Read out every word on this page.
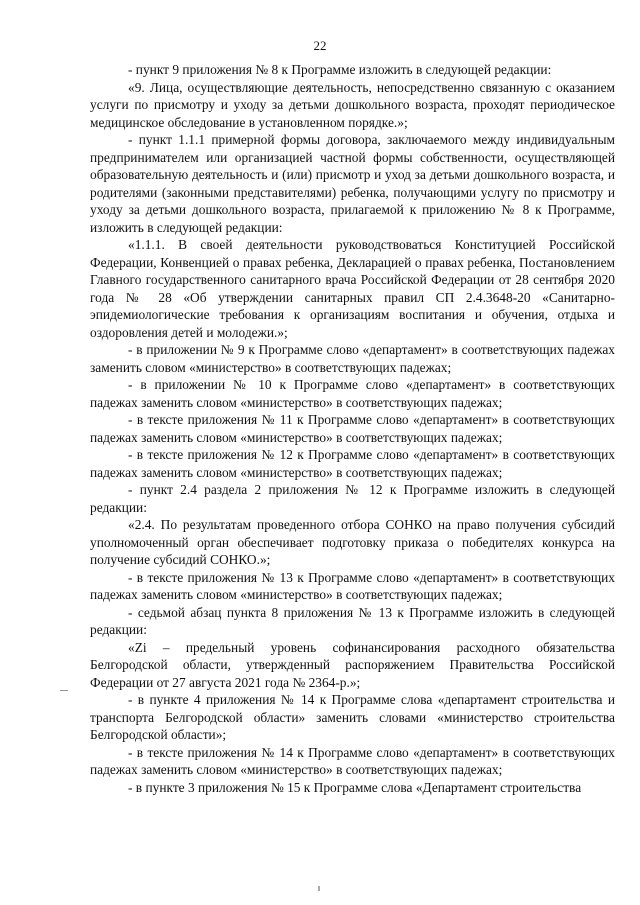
22

- пункт 9 приложения № 8 к Программе изложить в следующей редакции:

«9. Лица, осуществляющие деятельность, непосредственно связанную с оказанием услуги по присмотру и уходу за детьми дошкольного возраста, проходят периодическое медицинское обследование в установленном порядке.»;

- пункт 1.1.1 примерной формы договора, заключаемого между индивидуальным предпринимателем или организацией частной формы собственности, осуществляющей образовательную деятельность и (или) присмотр и уход за детьми дошкольного возраста, и родителями (законными представителями) ребенка, получающими услугу по присмотру и уходу за детьми дошкольного возраста, прилагаемой к приложению № 8 к Программе, изложить в следующей редакции:

«1.1.1. В своей деятельности руководствоваться Конституцией Российской Федерации, Конвенцией о правах ребенка, Декларацией о правах ребенка, Постановлением Главного государственного санитарного врача Российской Федерации от 28 сентября 2020 года № 28 «Об утверждении санитарных правил СП 2.4.3648-20 «Санитарно-эпидемиологические требования к организациям воспитания и обучения, отдыха и оздоровления детей и молодежи.»;

- в приложении № 9 к Программе слово «департамент» в соответствующих падежах заменить словом «министерство» в соответствующих падежах;

- в приложении № 10 к Программе слово «департамент» в соответствующих падежах заменить словом «министерство» в соответствующих падежах;

- в тексте приложения № 11 к Программе слово «департамент» в соответствующих падежах заменить словом «министерство» в соответствующих падежах;

- в тексте приложения № 12 к Программе слово «департамент» в соответствующих падежах заменить словом «министерство» в соответствующих падежах;

- пункт 2.4 раздела 2 приложения № 12 к Программе изложить в следующей редакции:

«2.4. По результатам проведенного отбора СОНКО на право получения субсидий уполномоченный орган обеспечивает подготовку приказа о победителях конкурса на получение субсидий СОНКО.»;

- в тексте приложения № 13 к Программе слово «департамент» в соответствующих падежах заменить словом «министерство» в соответствующих падежах;

- седьмой абзац пункта 8 приложения № 13 к Программе изложить в следующей редакции:

«Zi – предельный уровень софинансирования расходного обязательства Белгородской области, утвержденный распоряжением Правительства Российской Федерации от 27 августа 2021 года № 2364-р.»;

- в пункте 4 приложения № 14 к Программе слова «департамент строительства и транспорта Белгородской области» заменить словами «министерство строительства Белгородской области»;

- в тексте приложения № 14 к Программе слово «департамент» в соответствующих падежах заменить словом «министерство» в соответствующих падежах;

- в пункте 3 приложения № 15 к Программе слова «Департамент строительства
